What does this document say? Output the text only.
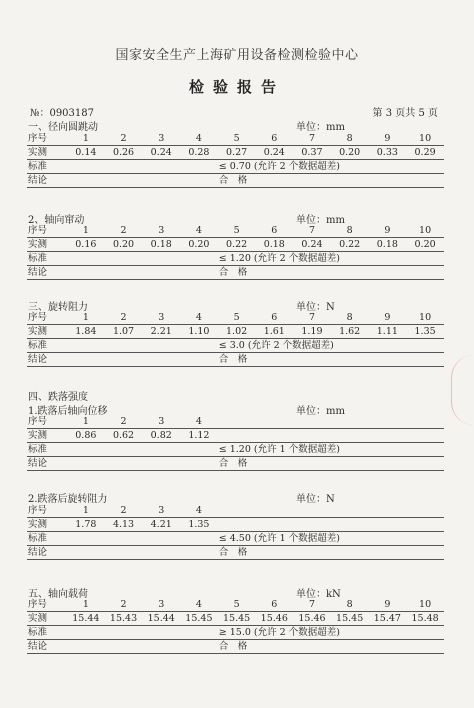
国家安全生产上海矿用设备检测检验中心
检验报告
№：0903187	第 3 页共 5 页
一、径向圆跳动	单位：mm
序号	1	2	3	4	5	6	7	8	9	10
实测	0.14	0.26	0.24	0.28	0.27	0.24	0.37	0.20	0.33	0.29
标准					≤ 0.70 (允许 2 个数据超差)					
结论					合　格					
2、轴向窜动	单位：mm
序号	1	2	3	4	5	6	7	8	9	10
实测	0.16	0.20	0.18	0.20	0.22	0.18	0.24	0.22	0.18	0.20
标准					≤ 1.20 (允许 2 个数据超差)					
结论					合　格					
三、旋转阻力	单位：N
序号	1	2	3	4	5	6	7	8	9	10
实测	1.84	1.07	2.21	1.10	1.02	1.61	1.19	1.62	1.11	1.35
标准					≤ 3.0 (允许 2 个数据超差)					
结论					合　格					
四、跌落强度
1.跌落后轴向位移	单位：mm
序号	1	2	3	4	
实测	0.86	0.62	0.82	1.12	
标准					≤ 1.20 (允许 1 个数据超差)
结论					合　格
2.跌落后旋转阻力	单位：N
序号	1	2	3	4	
实测	1.78	4.13	4.21	1.35	
标准					≤ 4.50 (允许 1 个数据超差)
结论					合　格
五、轴向载荷	单位：kN
序号	1	2	3	4	5	6	7	8	9	10
实测	15.44	15.43	15.44	15.45	15.45	15.46	15.46	15.45	15.47	15.48
标准					≥ 15.0 (允许 2 个数据超差)					
结论					合　格					
